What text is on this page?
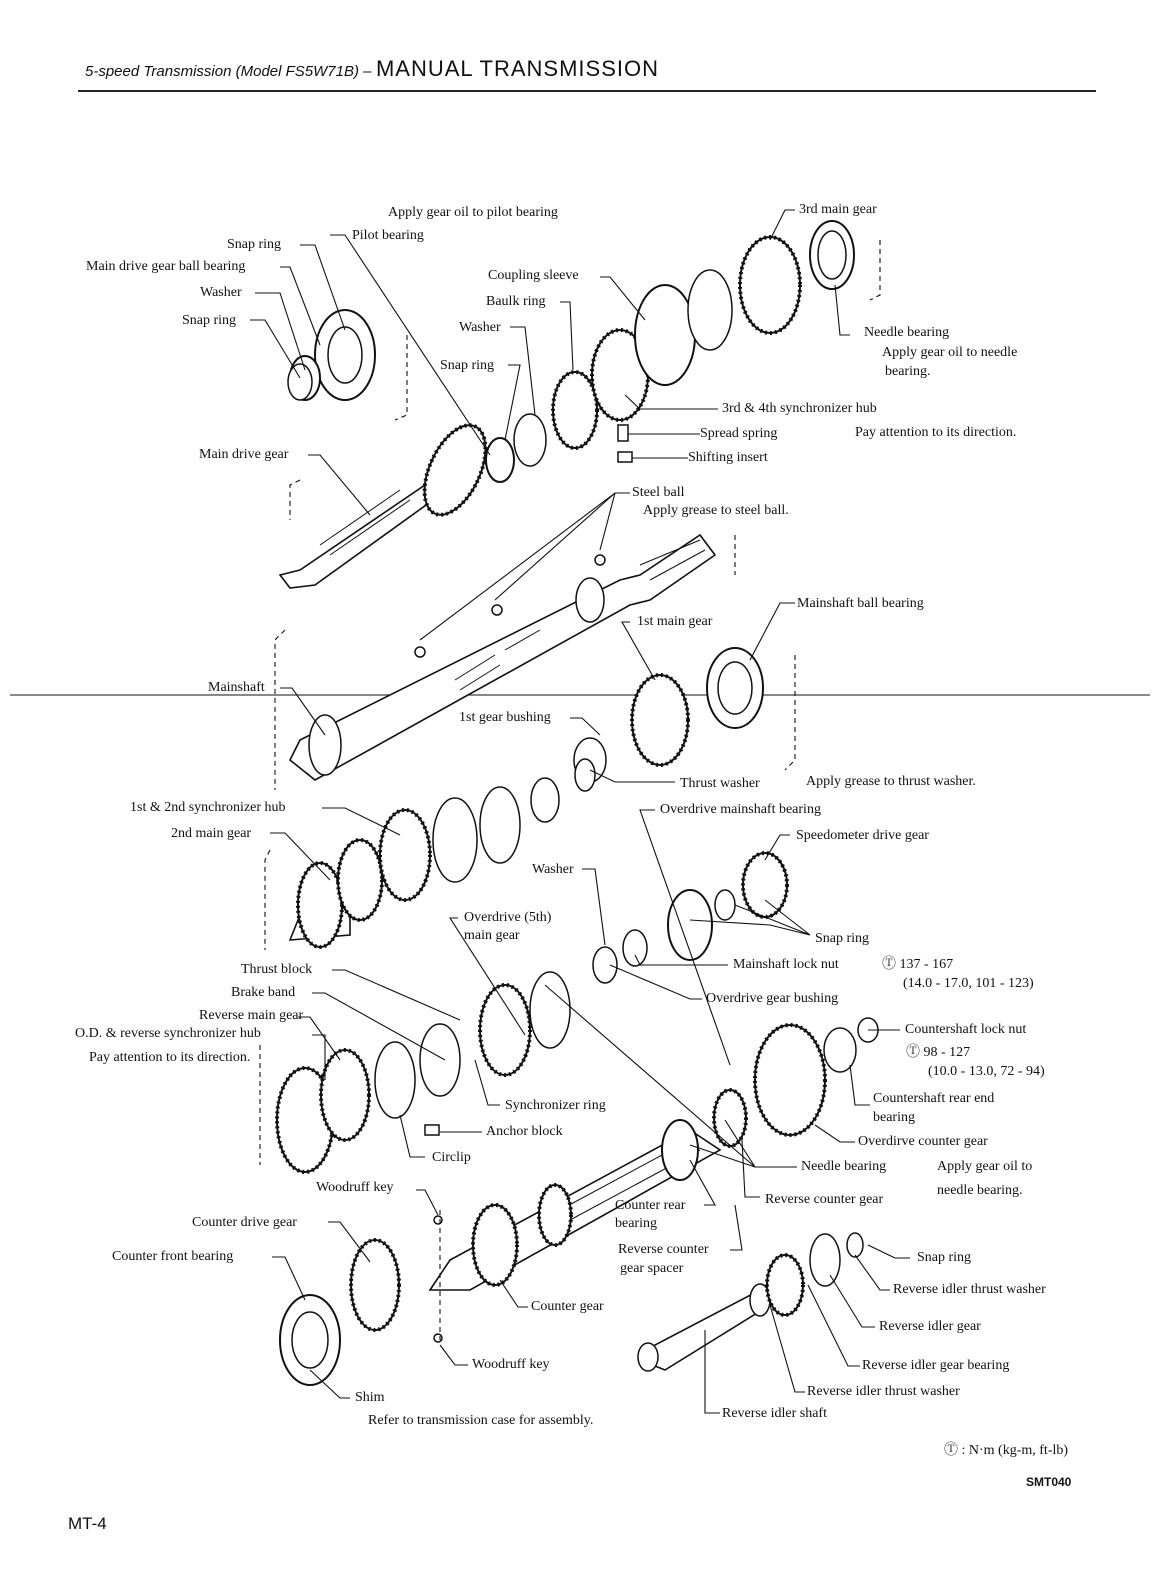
5-speed Transmission (Model FS5W71B) – MANUAL TRANSMISSION
Apply gear oil to pilot bearing
Pilot bearing
Snap ring
Main drive gear ball bearing
Washer
Snap ring
3rd main gear
Coupling sleeve
Baulk ring
Washer
Snap ring
Needle bearing
Apply gear oil to needle
bearing.
3rd & 4th synchronizer hub
Spread spring	Pay attention to its direction.
Shifting insert
Main drive gear
Steel ball
Apply grease to steel ball.
Mainshaft ball bearing
1st main gear
Mainshaft
1st gear bushing
Thrust washer	Apply grease to thrust washer.
1st & 2nd synchronizer hub	Overdrive mainshaft bearing
2nd main gear	Speedometer drive gear
Washer
Overdrive (5th)
main gear	Snap ring
Thrust block	Mainshaft lock nut	Ⓣ 137 - 167
(14.0 - 17.0, 101 - 123)
Brake band	Overdrive gear bushing
Reverse main gear
O.D. & reverse synchronizer hub	Countershaft lock nut
Pay attention to its direction.	Ⓣ 98 - 127
(10.0 - 13.0, 72 - 94)
Countershaft rear end
bearing
Synchronizer ring
Anchor block
Overdirve counter gear
Circlip
Needle bearing	Apply gear oil to
needle bearing.
Woodruff key
Counter rear
bearing
Reverse counter gear
Counter drive gear
Reverse counter
gear spacer
Counter front bearing	Snap ring
Reverse idler thrust washer
Counter gear
Reverse idler gear
Woodruff key	Reverse idler gear bearing
Reverse idler thrust washer
Shim
Refer to transmission case for assembly.	Reverse idler shaft
Ⓣ : N·m (kg-m, ft-lb)
SMT040
MT-4
